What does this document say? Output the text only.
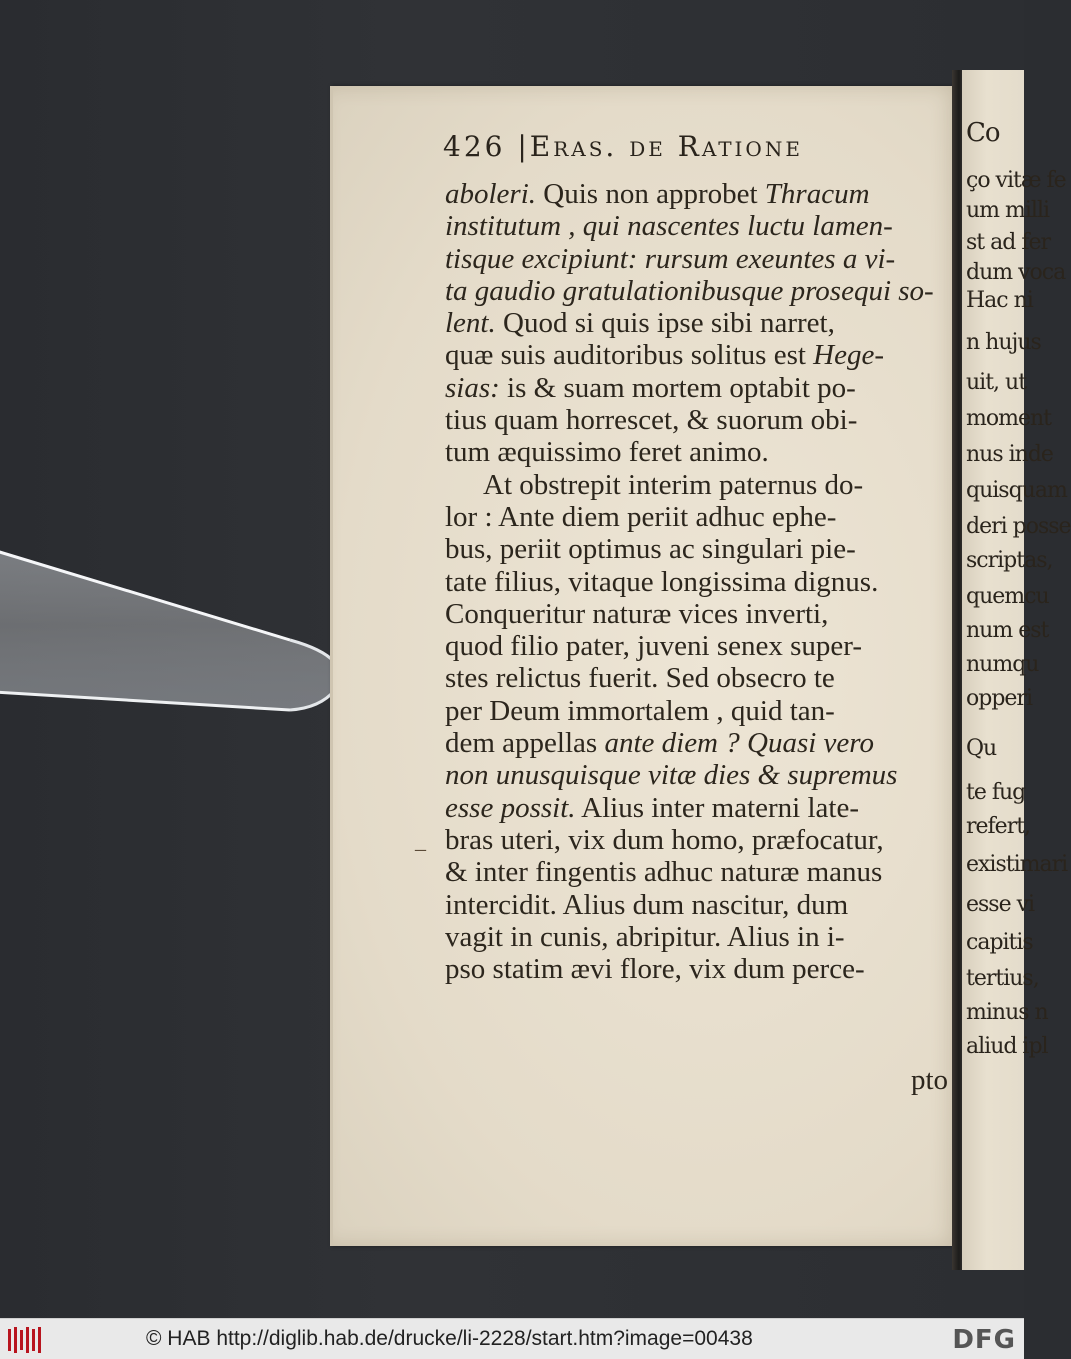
426 |Eras. de Ratione
aboleri. Quis non approbet Thracum
institutum , qui nascentes luctu lamen-
tisque excipiunt: rursum exeuntes a vi-
ta gaudio gratulationibusque prosequi so-
lent. Quod si quis ipse sibi narret,
quæ suis auditoribus solitus est Hege-
sias: is & suam mortem optabit po-
tius quam horrescet, & suorum obi-
tum æquissimo feret animo.
At obstrepit interim paternus do-
lor : Ante diem periit adhuc ephe-
bus, periit optimus ac singulari pie-
tate filius, vitaque longissima dignus.
Conqueritur naturæ vices inverti,
quod filio pater, juveni senex super-
stes relictus fuerit. Sed obsecro te
per Deum immortalem , quid tan-
dem appellas ante diem ? Quasi vero
non unusquisque vitæ dies & supremus
esse possit. Alius inter materni late-
bras uteri, vix dum homo, præfocatur,
& inter fingentis adhuc naturæ manus
intercidit. Alius dum nascitur, dum
vagit in cunis, abripitur. Alius in i-
pso statim ævi flore, vix dum perce-
_
pto
Co
ço vitæ fe
um milli
st ad fer
dum voca
Hac ni
n hujus
uit, ut
moment
nus inde
quisquam
deri posse
scriptas,
quemcu
num est
numqu
opperi
Qu
te fug
refert,
existimari
esse vi
capitis
tertius,
minus n
aliud ipl
© HAB http://diglib.hab.de/drucke/li-2228/start.htm?image=00438	DFG
